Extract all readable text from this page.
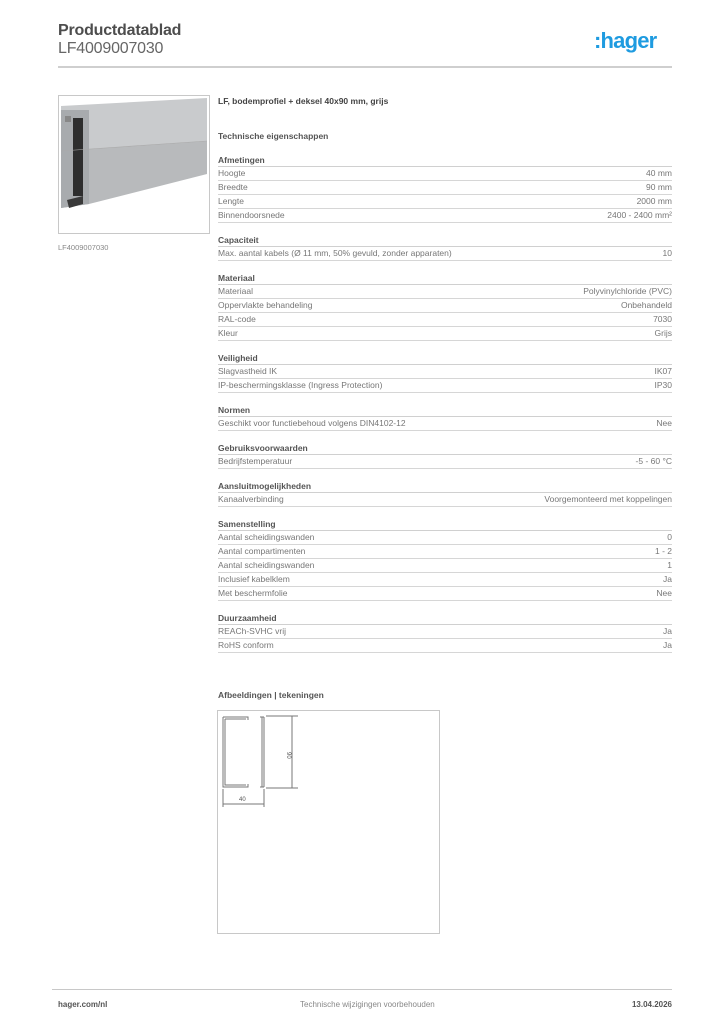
Productdatablad
LF4009007030	:hager
LF4009007030
LF, bodemprofiel + deksel 40x90 mm, grijs
Technische eigenschappen
Afmetingen
Hoogte	40 mm
Breedte	90 mm
Lengte	2000 mm
Binnendoorsnede	2400 - 2400 mm²
Capaciteit
Max. aantal kabels (Ø 11 mm, 50% gevuld, zonder apparaten)	10
Materiaal
Materiaal	Polyvinylchloride (PVC)
Oppervlakte behandeling	Onbehandeld
RAL-code	7030
Kleur	Grijs
Veiligheid
Slagvastheid IK	IK07
IP-beschermingsklasse (Ingress Protection)	IP30
Normen
Geschikt voor functiebehoud volgens DIN4102-12	Nee
Gebruiksvoorwaarden
Bedrijfstemperatuur	-5 - 60 °C
Aansluitmogelijkheden
Kanaalverbinding	Voorgemonteerd met koppelingen
Samenstelling
Aantal scheidingswanden	0
Aantal compartimenten	1 - 2
Aantal scheidingswanden	1
Inclusief kabelklem	Ja
Met beschermfolie	Nee
Duurzaamheid
REACh-SVHC vrij	Ja
RoHS conform	Ja
Afbeeldingen | tekeningen
90
40
hager.com/nl	Technische wijzigingen voorbehouden	13.04.2026
